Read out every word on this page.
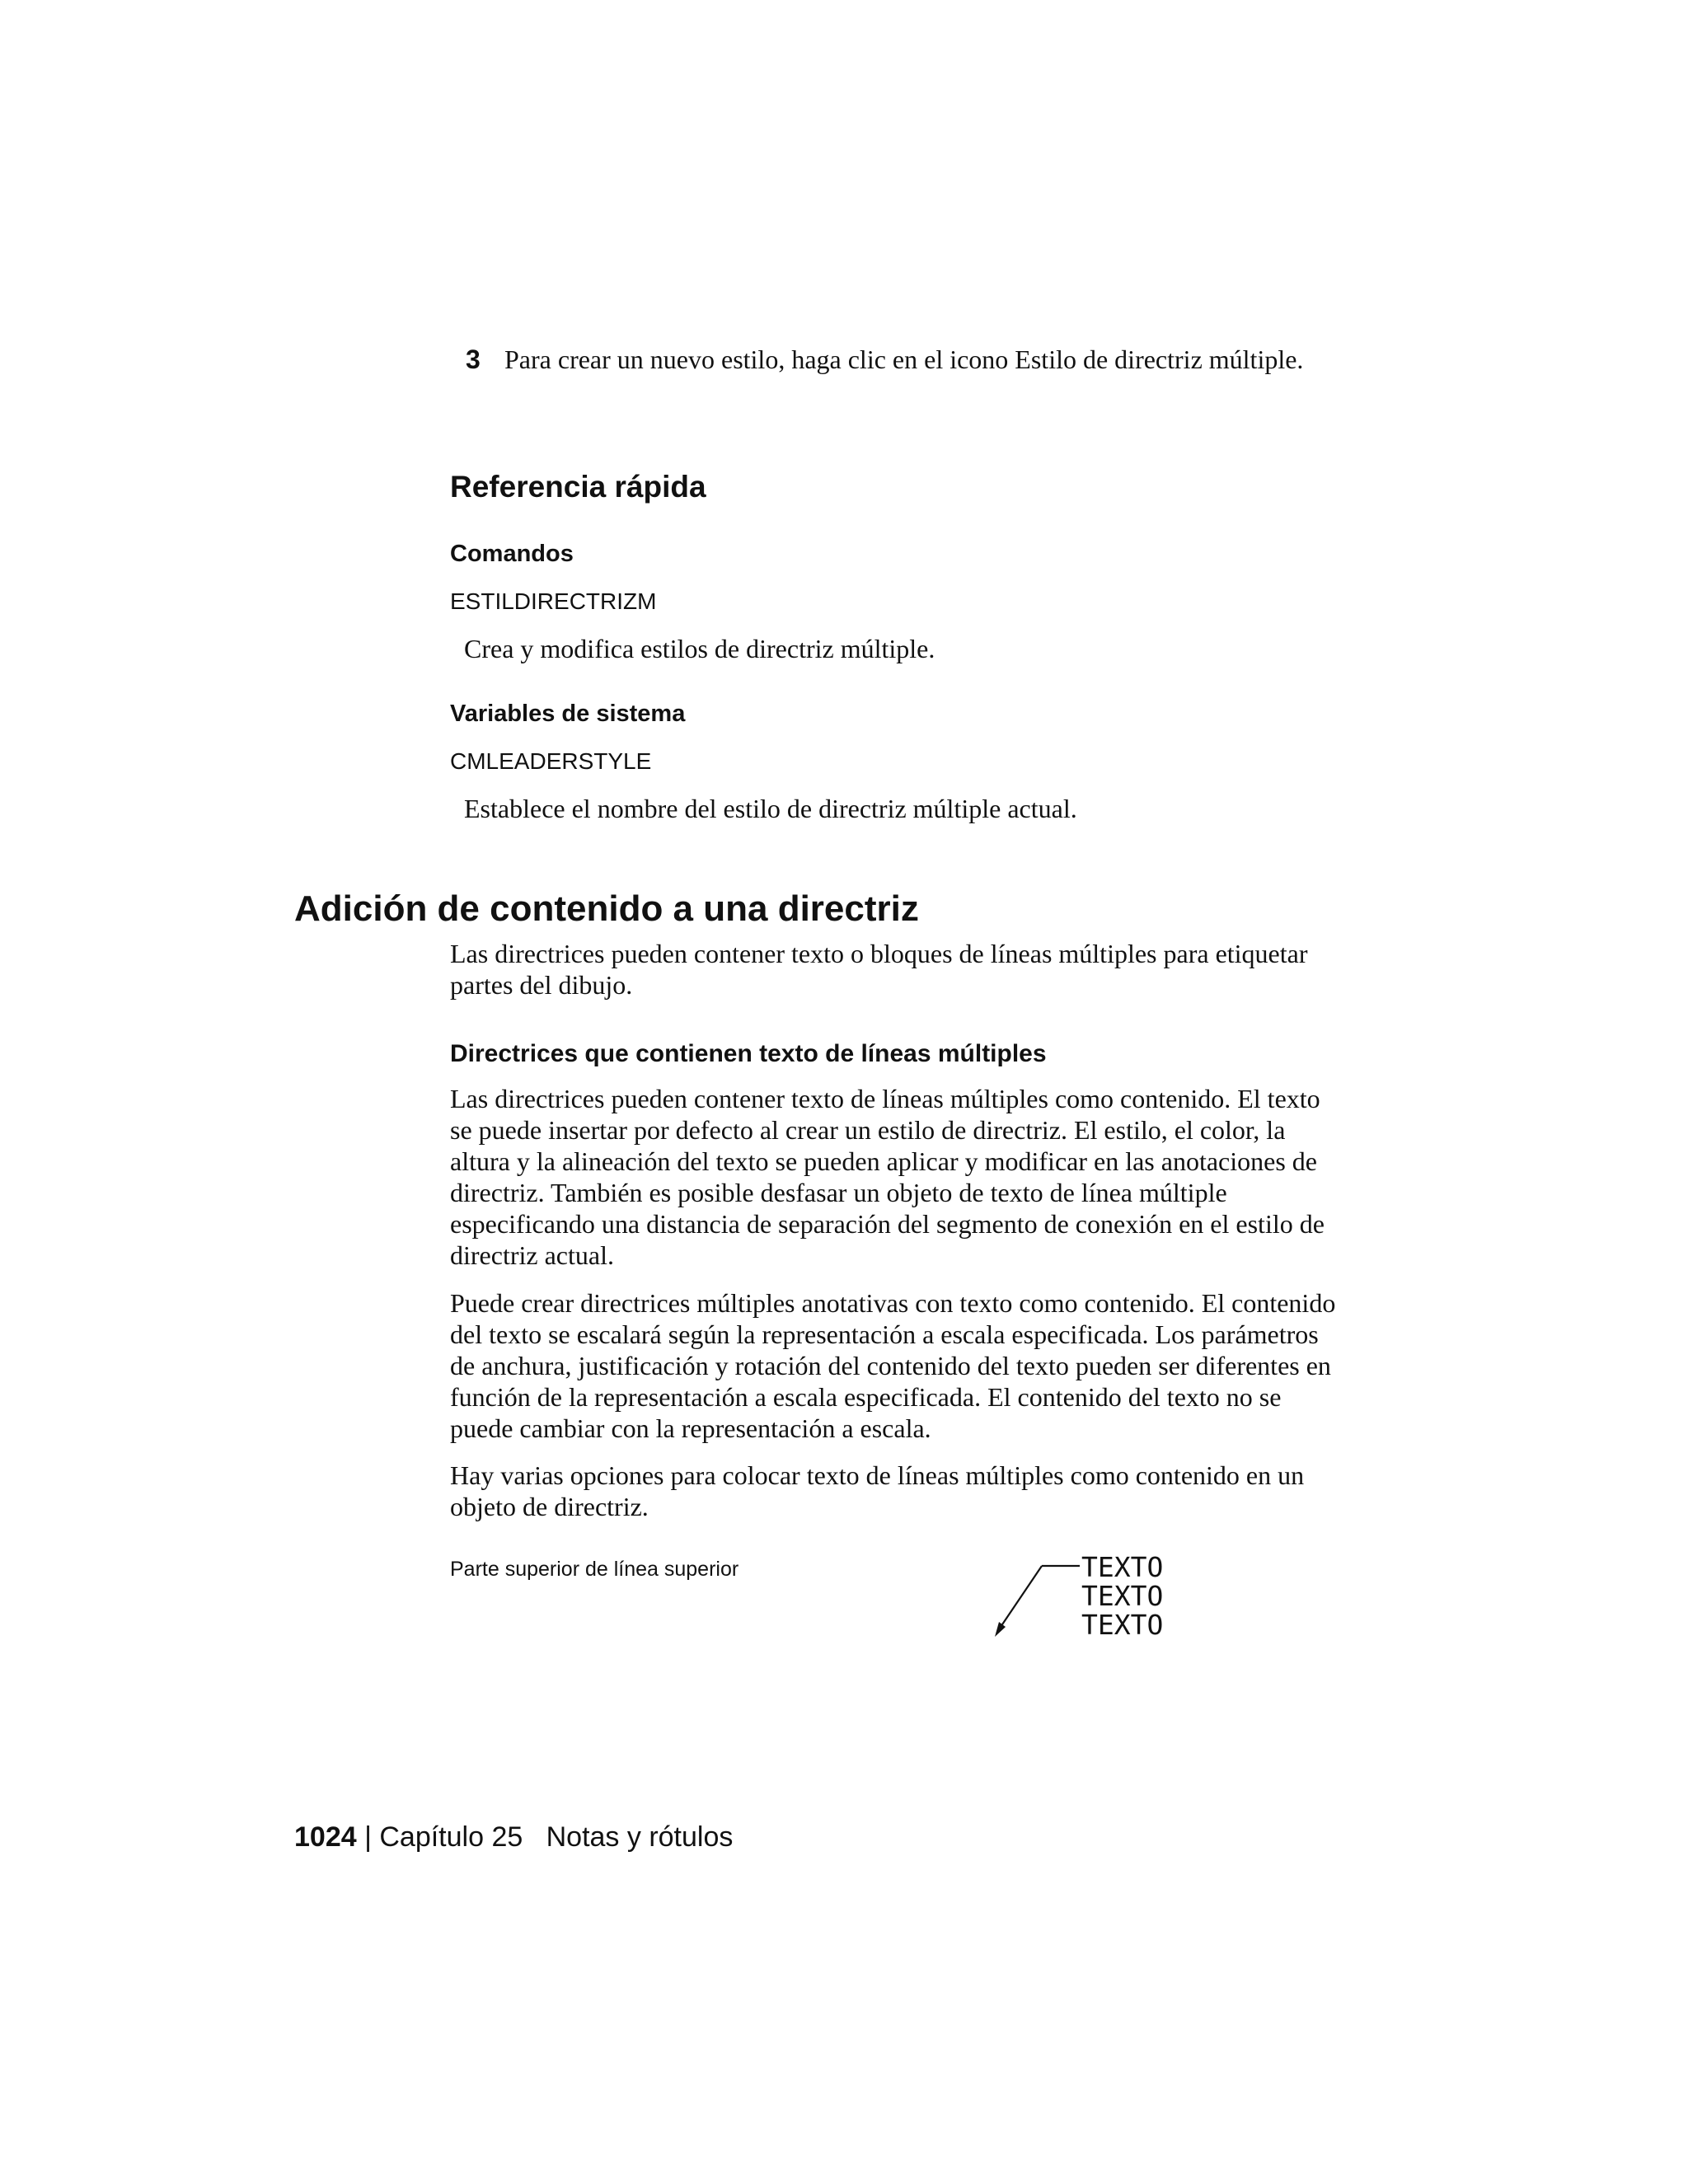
3 Para crear un nuevo estilo, haga clic en el icono Estilo de directriz múltiple.
Referencia rápida
Comandos
ESTILDIRECTRIZM
Crea y modifica estilos de directriz múltiple.
Variables de sistema
CMLEADERSTYLE
Establece el nombre del estilo de directriz múltiple actual.
Adición de contenido a una directriz
Las directrices pueden contener texto o bloques de líneas múltiples para etiquetar partes del dibujo.
Directrices que contienen texto de líneas múltiples
Las directrices pueden contener texto de líneas múltiples como contenido. El texto se puede insertar por defecto al crear un estilo de directriz. El estilo, el color, la altura y la alineación del texto se pueden aplicar y modificar en las anotaciones de directriz. También es posible desfasar un objeto de texto de línea múltiple especificando una distancia de separación del segmento de conexión en el estilo de directriz actual.
Puede crear directrices múltiples anotativas con texto como contenido. El contenido del texto se escalará según la representación a escala especificada. Los parámetros de anchura, justificación y rotación del contenido del texto pueden ser diferentes en función de la representación a escala especificada. El contenido del texto no se puede cambiar con la representación a escala.
Hay varias opciones para colocar texto de líneas múltiples como contenido en un objeto de directriz.
Parte superior de línea superior	TEXTO
TEXTO
TEXTO
1024 | Capítulo 25   Notas y rótulos
